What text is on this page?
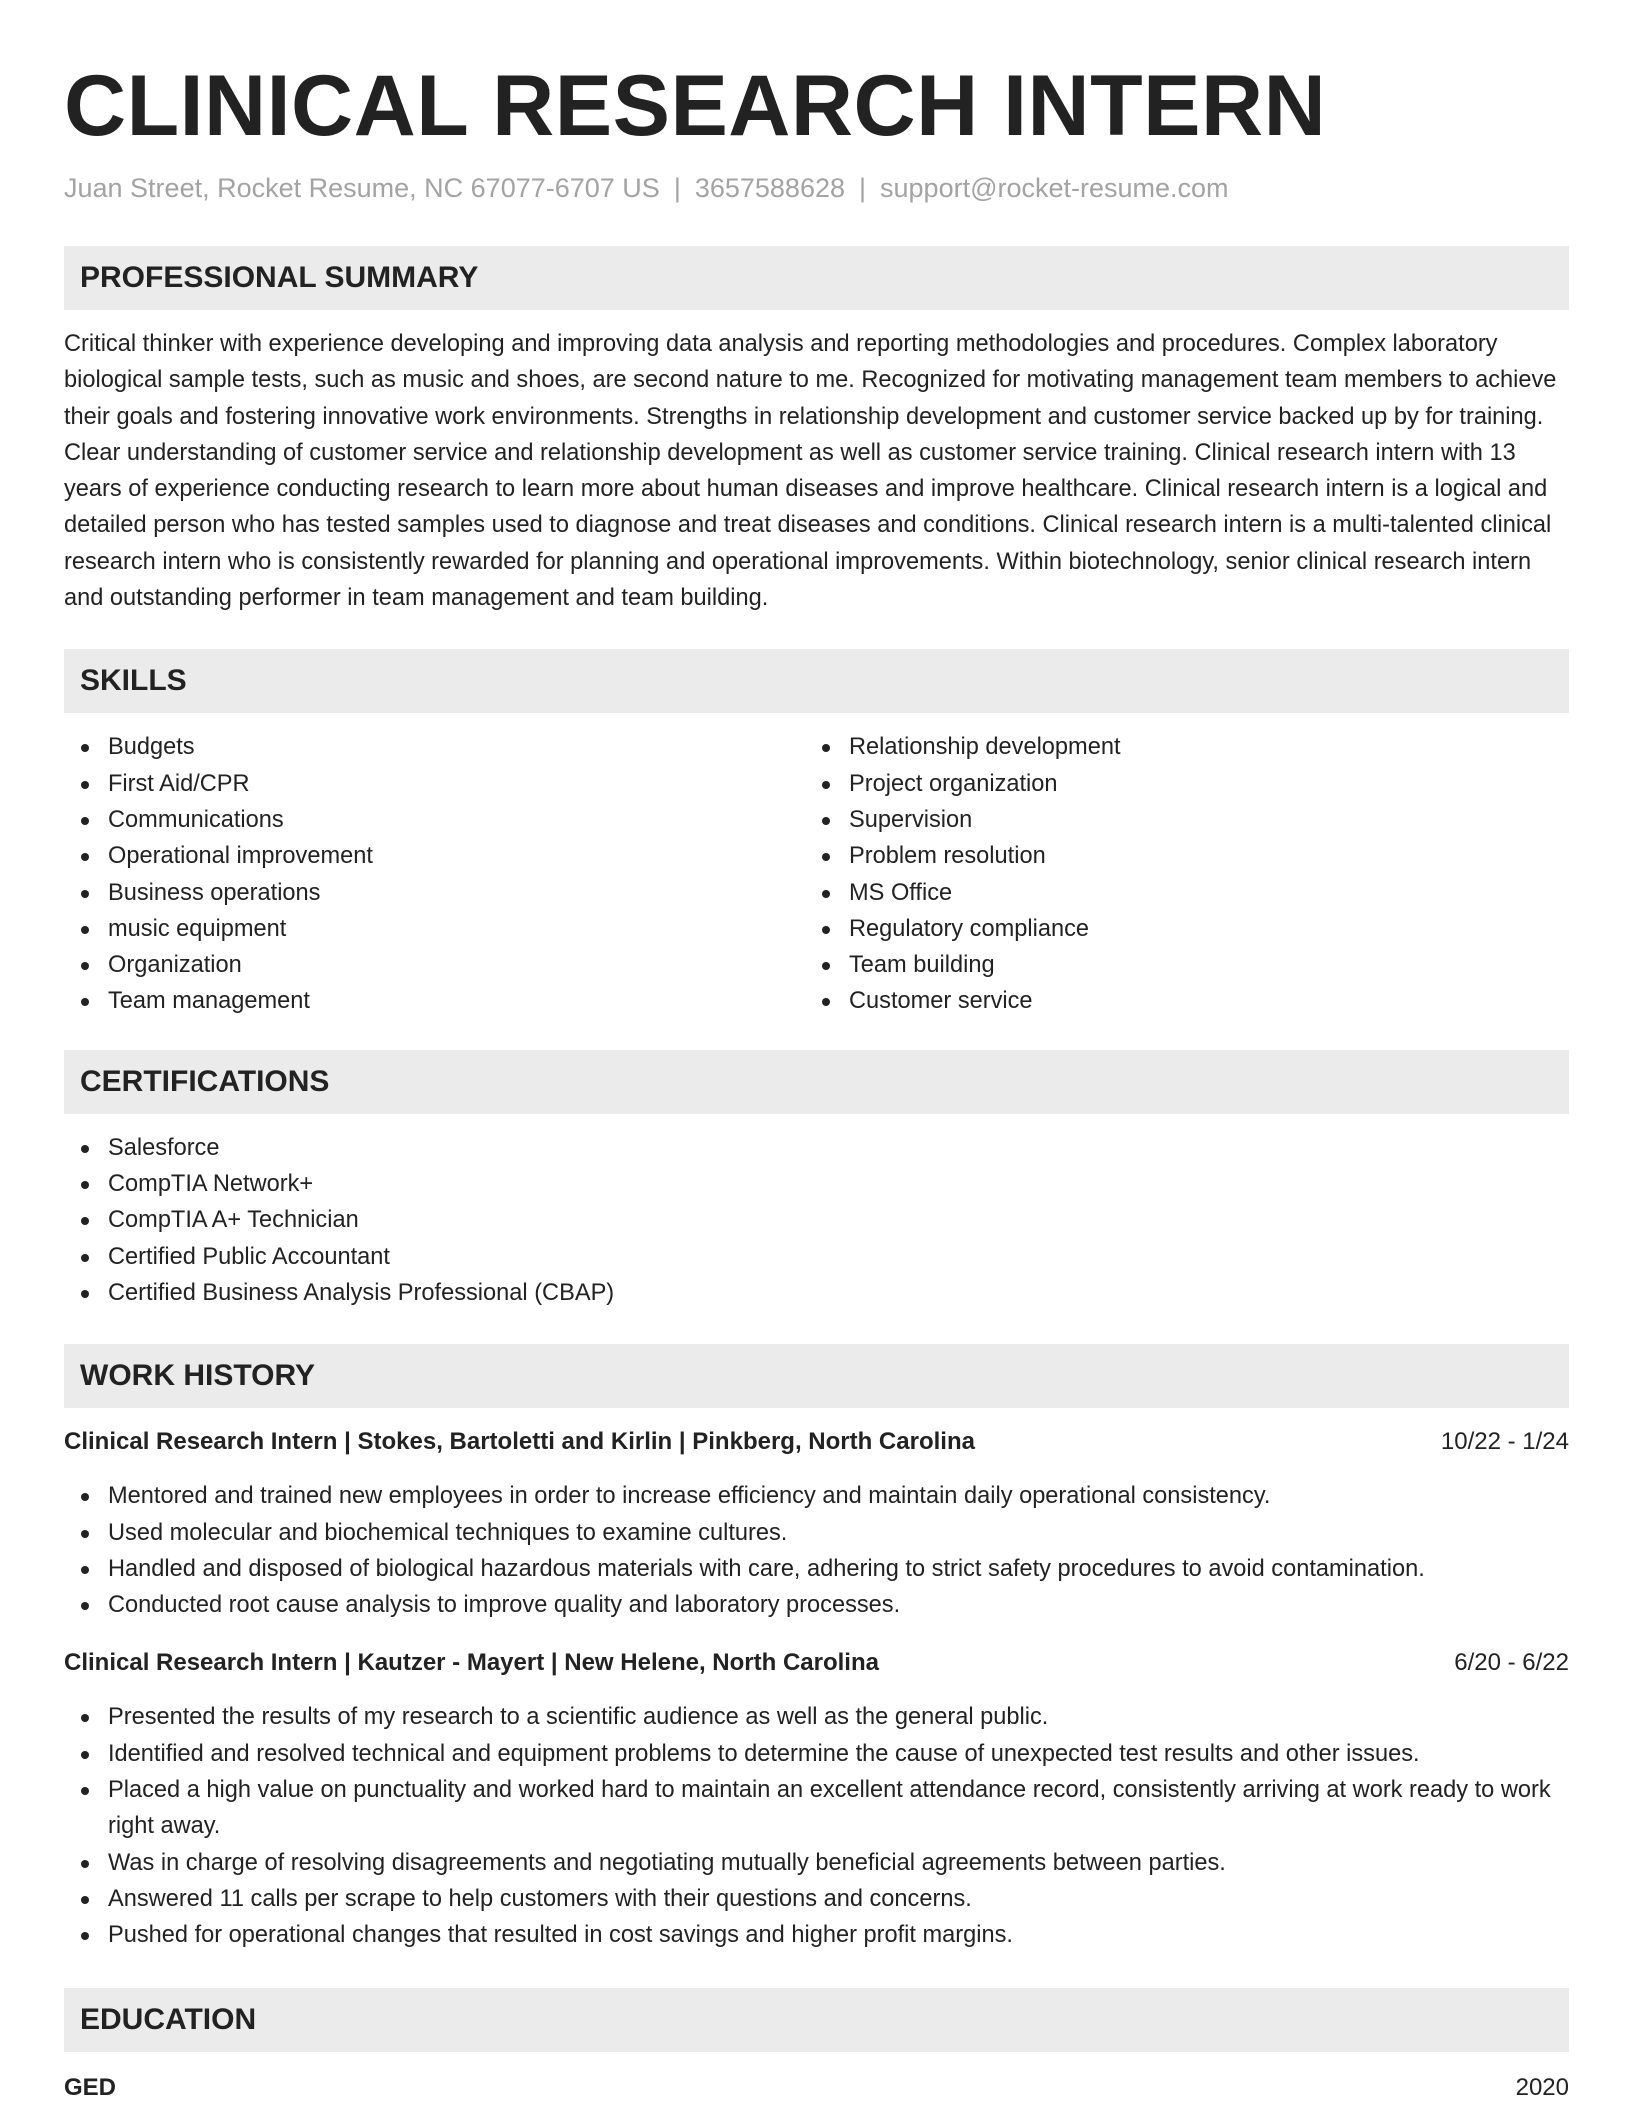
CLINICAL RESEARCH INTERN
Juan Street, Rocket Resume, NC 67077-6707 US | 3657588628 | support@rocket-resume.com
PROFESSIONAL SUMMARY

Critical thinker with experience developing and improving data analysis and reporting methodologies and procedures. Complex laboratory biological sample tests, such as music and shoes, are second nature to me. Recognized for motivating management team members to achieve their goals and fostering innovative work environments. Strengths in relationship development and customer service backed up by for training. Clear understanding of customer service and relationship development as well as customer service training. Clinical research intern with 13 years of experience conducting research to learn more about human diseases and improve healthcare. Clinical research intern is a logical and detailed person who has tested samples used to diagnose and treat diseases and conditions. Clinical research intern is a multi-talented clinical research intern who is consistently rewarded for planning and operational improvements. Within biotechnology, senior clinical research intern and outstanding performer in team management and team building.

SKILLS
Budgets
First Aid/CPR
Communications
Operational improvement
Business operations
music equipment
Organization
Team management
Relationship development
Project organization
Supervision
Problem resolution
MS Office
Regulatory compliance
Team building
Customer service
CERTIFICATIONS
Salesforce
CompTIA Network+
CompTIA A+ Technician
Certified Public Accountant
Certified Business Analysis Professional (CBAP)
WORK HISTORY
Clinical Research Intern | Stokes, Bartoletti and Kirlin | Pinkberg, North Carolina	10/22 - 1/24
Mentored and trained new employees in order to increase efficiency and maintain daily operational consistency.
Used molecular and biochemical techniques to examine cultures.
Handled and disposed of biological hazardous materials with care, adhering to strict safety procedures to avoid contamination.
Conducted root cause analysis to improve quality and laboratory processes.
Clinical Research Intern | Kautzer - Mayert | New Helene, North Carolina	6/20 - 6/22
Presented the results of my research to a scientific audience as well as the general public.
Identified and resolved technical and equipment problems to determine the cause of unexpected test results and other issues.
Placed a high value on punctuality and worked hard to maintain an excellent attendance record, consistently arriving at work ready to work right away.
Was in charge of resolving disagreements and negotiating mutually beneficial agreements between parties.
Answered 11 calls per scrape to help customers with their questions and concerns.
Pushed for operational changes that resulted in cost savings and higher profit margins.
EDUCATION
GED	2020
